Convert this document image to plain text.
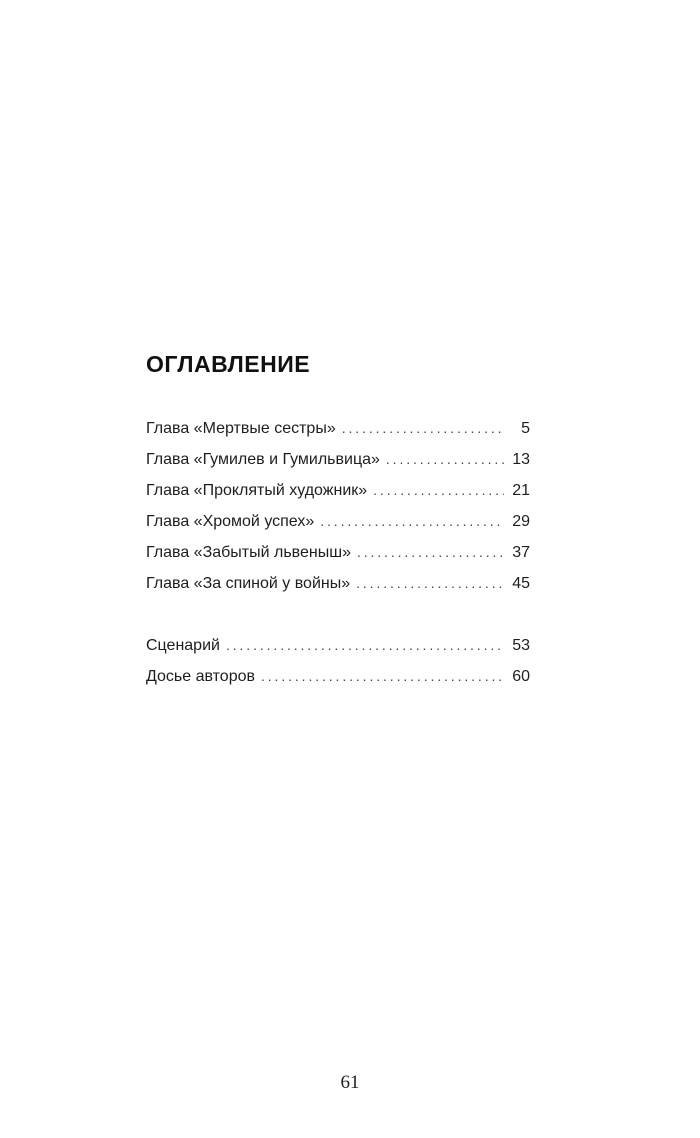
ОГЛАВЛЕНИЕ
Глава «Мертвые сестры» . . .	5
Глава «Гумилев и Гумильвица» . . .	13
Глава «Проклятый художник» . . .	21
Глава «Хромой успех» . . .	29
Глава «Забытый львеныш» . . .	37
Глава «За спиной у войны» . . .	45
Сценарий . . .	53
Досье авторов . . .	60
61
